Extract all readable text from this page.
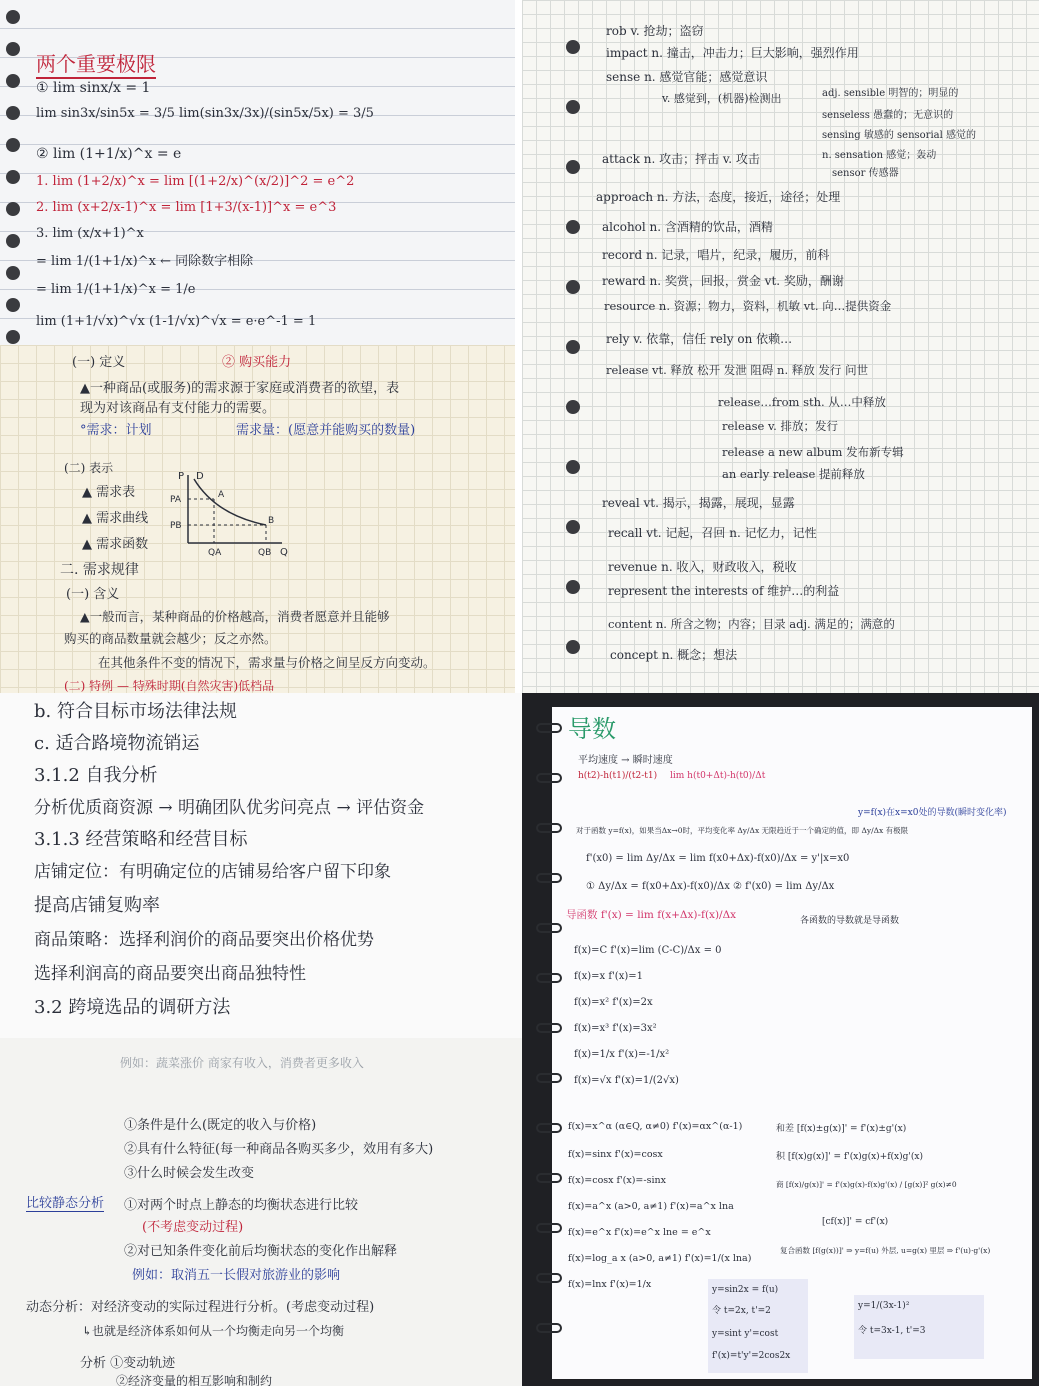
两个重要极限
① lim sinx/x = 1
lim sin3x/sin5x = 3/5 lim(sin3x/3x)/(sin5x/5x) = 3/5
② lim (1+1/x)^x = e
1. lim (1+2/x)^x = lim [(1+2/x)^(x/2)]^2 = e^2
2. lim (x+2/x-1)^x = lim [1+3/(x-1)]^x = e^3
3. lim (x/x+1)^x
= lim 1/(1+1/x)^x ← 同除数字相除
= lim 1/(1+1/x)^x = 1/e
lim (1+1/√x)^√x (1-1/√x)^√x = e·e^-1 = 1
(一) 定义	② 购买能力
▲一种商品(或服务)的需求源于家庭或消费者的欲望，表
现为对该商品有支付能力的需要。
°需求：计划	需求量：(愿意并能购买的数量)
(二) 表示
▲ 需求表
▲ 需求曲线
▲ 需求函数
P D
PA
PB
A
B
QA	QB Q
二. 需求规律
(一) 含义
▲一般而言，某种商品的价格越高，消费者愿意并且能够
购买的商品数量就会越少；反之亦然。
在其他条件不变的情况下，需求量与价格之间呈反方向变动。
(二) 特例 — 特殊时期(自然灾害)低档品
b. 符合目标市场法律法规
c. 适合路境物流销运
3.1.2 自我分析
分析优质商资源 → 明确团队优劣问亮点 → 评估资金
3.1.3 经营策略和经营目标
店铺定位：有明确定位的店铺易给客户留下印象
提高店铺复购率
商品策略：选择利润价的商品要突出价格优势
选择利润高的商品要突出商品独特性
3.2 跨境选品的调研方法
例如：蔬菜涨价 商家有收入，消费者更多收入
①条件是什么(既定的收入与价格)
②具有什么特征(每一种商品各购买多少，效用有多大)
③什么时候会发生改变
比较静态分析 ①对两个时点上静态的均衡状态进行比较
(不考虑变动过程)
②对已知条件变化前后均衡状态的变化作出解释
例如：取消五一长假对旅游业的影响
动态分析：对经济变动的实际过程进行分析。(考虑变动过程)
↳也就是经济体系如何从一个均衡走向另一个均衡
分析 ①变动轨迹
②经济变量的相互影响和制约
rob v. 抢劫；盗窃
impact n. 撞击，冲击力；巨大影响，强烈作用
sense n. 感觉官能；感觉意识
v. 感觉到，(机器)检测出	adj. sensible 明智的；明显的
senseless 愚蠢的；无意识的
sensing 敏感的 sensorial 感觉的
n. sensation 感觉；轰动
sensor 传感器
attack n. 攻击；抨击 v. 攻击
approach n. 方法，态度，接近，途径；处理
alcohol n. 含酒精的饮品，酒精
record n. 记录，唱片，纪录，履历，前科
reward n. 奖赏，回报，赏金 vt. 奖励，酬谢
resource n. 资源；物力，资料，机敏 vt. 向…提供资金
rely v. 依靠，信任 rely on 依赖…
release vt. 释放 松开 发泄 阻碍 n. 释放 发行 问世
release…from sth. 从…中释放
release v. 排放；发行
release a new album 发布新专辑
an early release 提前释放
reveal vt. 揭示，揭露，展现，显露
recall vt. 记起，召回 n. 记忆力，记性
revenue n. 收入，财政收入，税收
represent the interests of 维护…的利益
content n. 所含之物；内容；目录 adj. 满足的；满意的
concept n. 概念；想法
导数
平均速度 → 瞬时速度
h(t2)-h(t1)/(t2-t1) lim h(t0+Δt)-h(t0)/Δt
y=f(x)在x=x0处的导数(瞬时变化率)
对于函数 y=f(x)，如果当Δx→0时，平均变化率 Δy/Δx 无限趋近于一个确定的值，即 Δy/Δx 有极限
f'(x0) = lim Δy/Δx = lim f(x0+Δx)-f(x0)/Δx = y'|x=x0
① Δy/Δx = f(x0+Δx)-f(x0)/Δx ② f'(x0) = lim Δy/Δx
导函数 f'(x) = lim f(x+Δx)-f(x)/Δx	各函数的导数就是导函数
f(x)=C f'(x)=lim (C-C)/Δx = 0
f(x)=x f'(x)=1
f(x)=x² f'(x)=2x
f(x)=x³ f'(x)=3x²
f(x)=1/x f'(x)=-1/x²
f(x)=√x f'(x)=1/(2√x)
f(x)=x^α (α∈Q, α≠0) f'(x)=αx^(α-1)
f(x)=sinx f'(x)=cosx
f(x)=cosx f'(x)=-sinx
f(x)=a^x (a>0, a≠1) f'(x)=a^x lna
f(x)=e^x f'(x)=e^x lne = e^x
f(x)=log_a x (a>0, a≠1) f'(x)=1/(x lna)
f(x)=lnx f'(x)=1/x
和差 [f(x)±g(x)]' = f'(x)±g'(x)
积 [f(x)g(x)]' = f'(x)g(x)+f(x)g'(x)
商 [f(x)/g(x)]' = f'(x)g(x)-f(x)g'(x) / [g(x)]² g(x)≠0
[cf(x)]' = cf'(x)
复合函数 [f(g(x))]' ⇒ y=f(u) 外层, u=g(x) 里层 ⇒ f'(u)·g'(x)
y=sin2x = f(u)
令 t=2x, t'=2
y=sint y'=cost
f'(x)=t'y'=2cos2x
y=1/(3x-1)²
令 t=3x-1, t'=3
